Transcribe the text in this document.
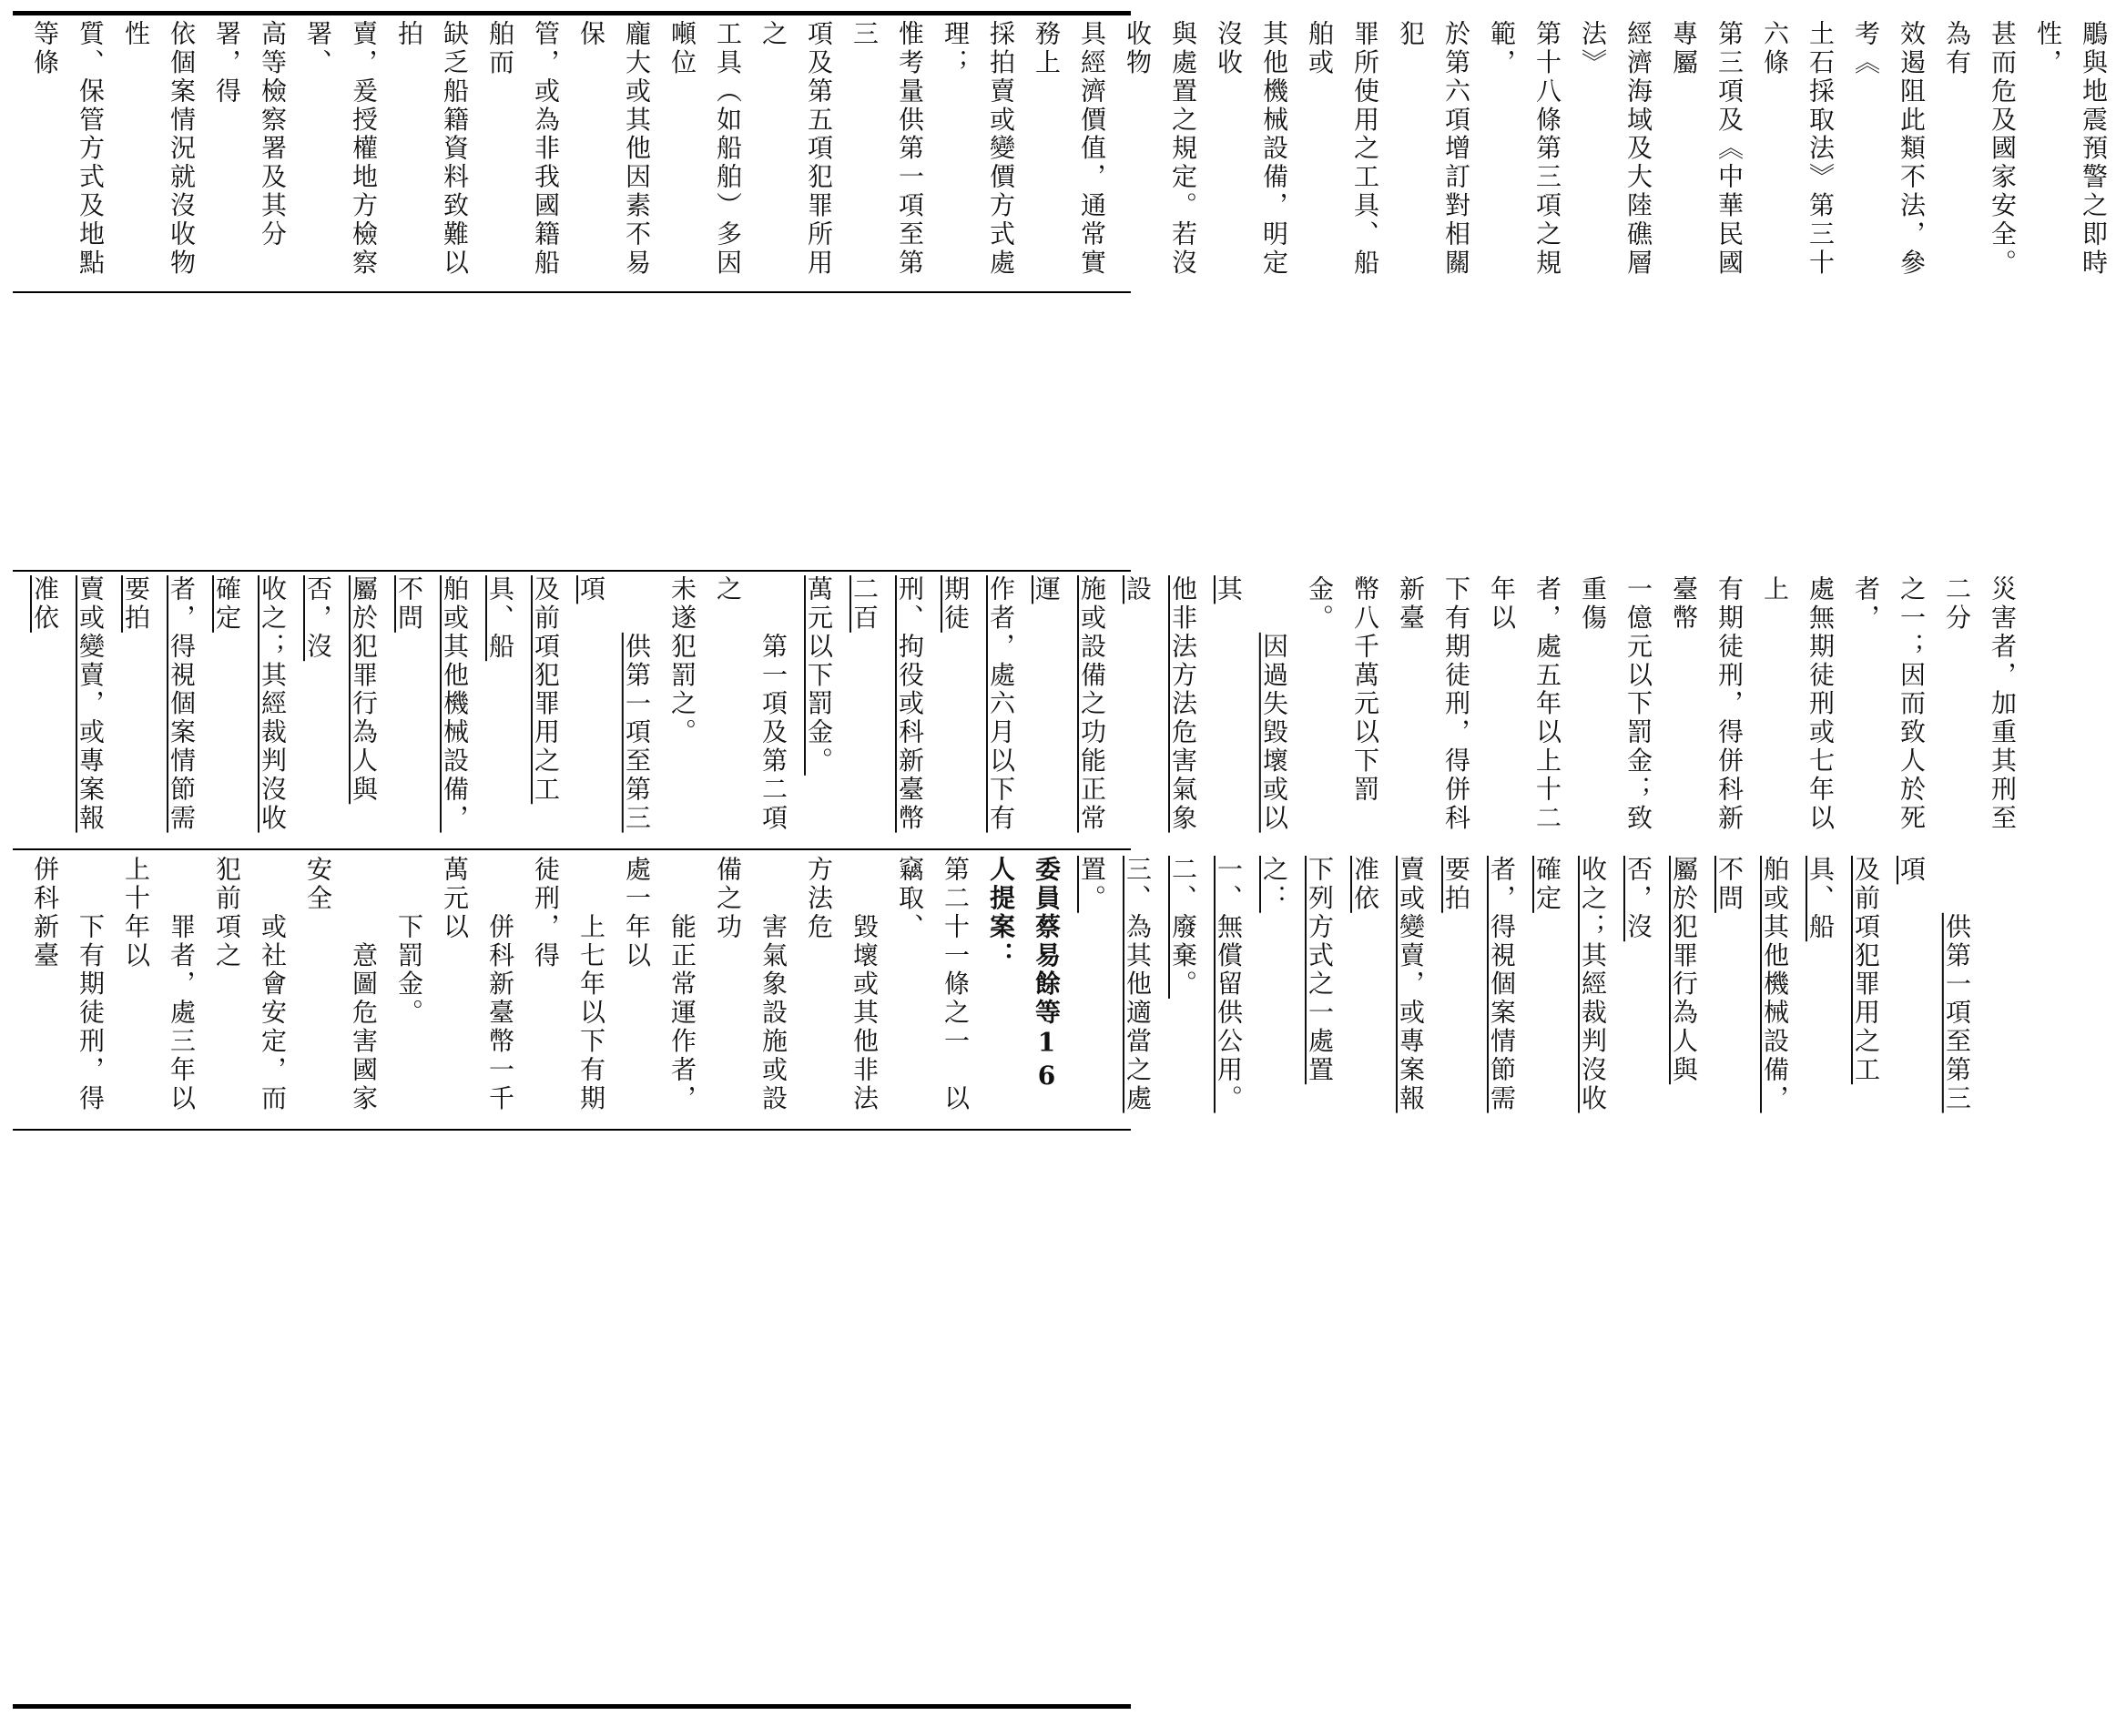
鵰與地震預警之即時性，
甚而危及國家安全。為有
效遏阻此類不法，參考《
土石採取法》第三十六條
第三項及《中華民國專屬
經濟海域及大陸礁層法》
第十八條第三項之規範，
於第六項增訂對相關犯
罪所使用之工具、船舶或
其他機械設備，明定沒收
與處置之規定。若沒收物
具經濟價值，通常實務上
採拍賣或變價方式處理；
惟考量供第一項至第三
項及第五項犯罪所用之
工具（如船舶）多因噸位
龐大或其他因素不易保
管，或為非我國籍船舶而
缺乏船籍資料致難以拍
賣，爰授權地方檢察署、
高等檢察署及其分署，得
依個案情況就沒收物性
質、保管方式及地點等條
災害者，加重其刑至二分
之一；因而致人於死者，
處無期徒刑或七年以上
有期徒刑，得併科新臺幣
一億元以下罰金；致重傷
者，處五年以上十二年以
下有期徒刑，得併科新臺
幣八千萬元以下罰金。
　　因過失毀壞或以其
他非法方法危害氣象設
施或設備之功能正常運
作者，處六月以下有期徒
刑、拘役或科新臺幣二百
萬元以下罰金。
　　第一項及第二項之
未遂犯罰之。
　　供第一項至第三項
及前項犯罪用之工具、船
舶或其他機械設備，不問
屬於犯罪行為人與否，沒
收之；其經裁判沒收確定
者，得視個案情節需要拍
賣或變賣，或專案報准依
　　供第一項至第三項
及前項犯罪用之工具、船
舶或其他機械設備，不問
屬於犯罪行為人與否，沒
收之；其經裁判沒收確定
者，得視個案情節需要拍
賣或變賣，或專案報准依
下列方式之一處置之：
一、無償留供公用。
二、廢棄。
三、為其他適當之處置。
委員蔡易餘等16人提案：
第二十一條之一　以竊取、
　　毀壞或其他非法方法危
　　害氣象設施或設備之功
　　能正常運作者，處一年以
　　上七年以下有期徒刑，得
　　併科新臺幣一千萬元以
　　下罰金。
　　　意圖危害國家安全
　　或社會安定，而犯前項之
　　罪者，處三年以上十年以
　　下有期徒刑，得併科新臺
